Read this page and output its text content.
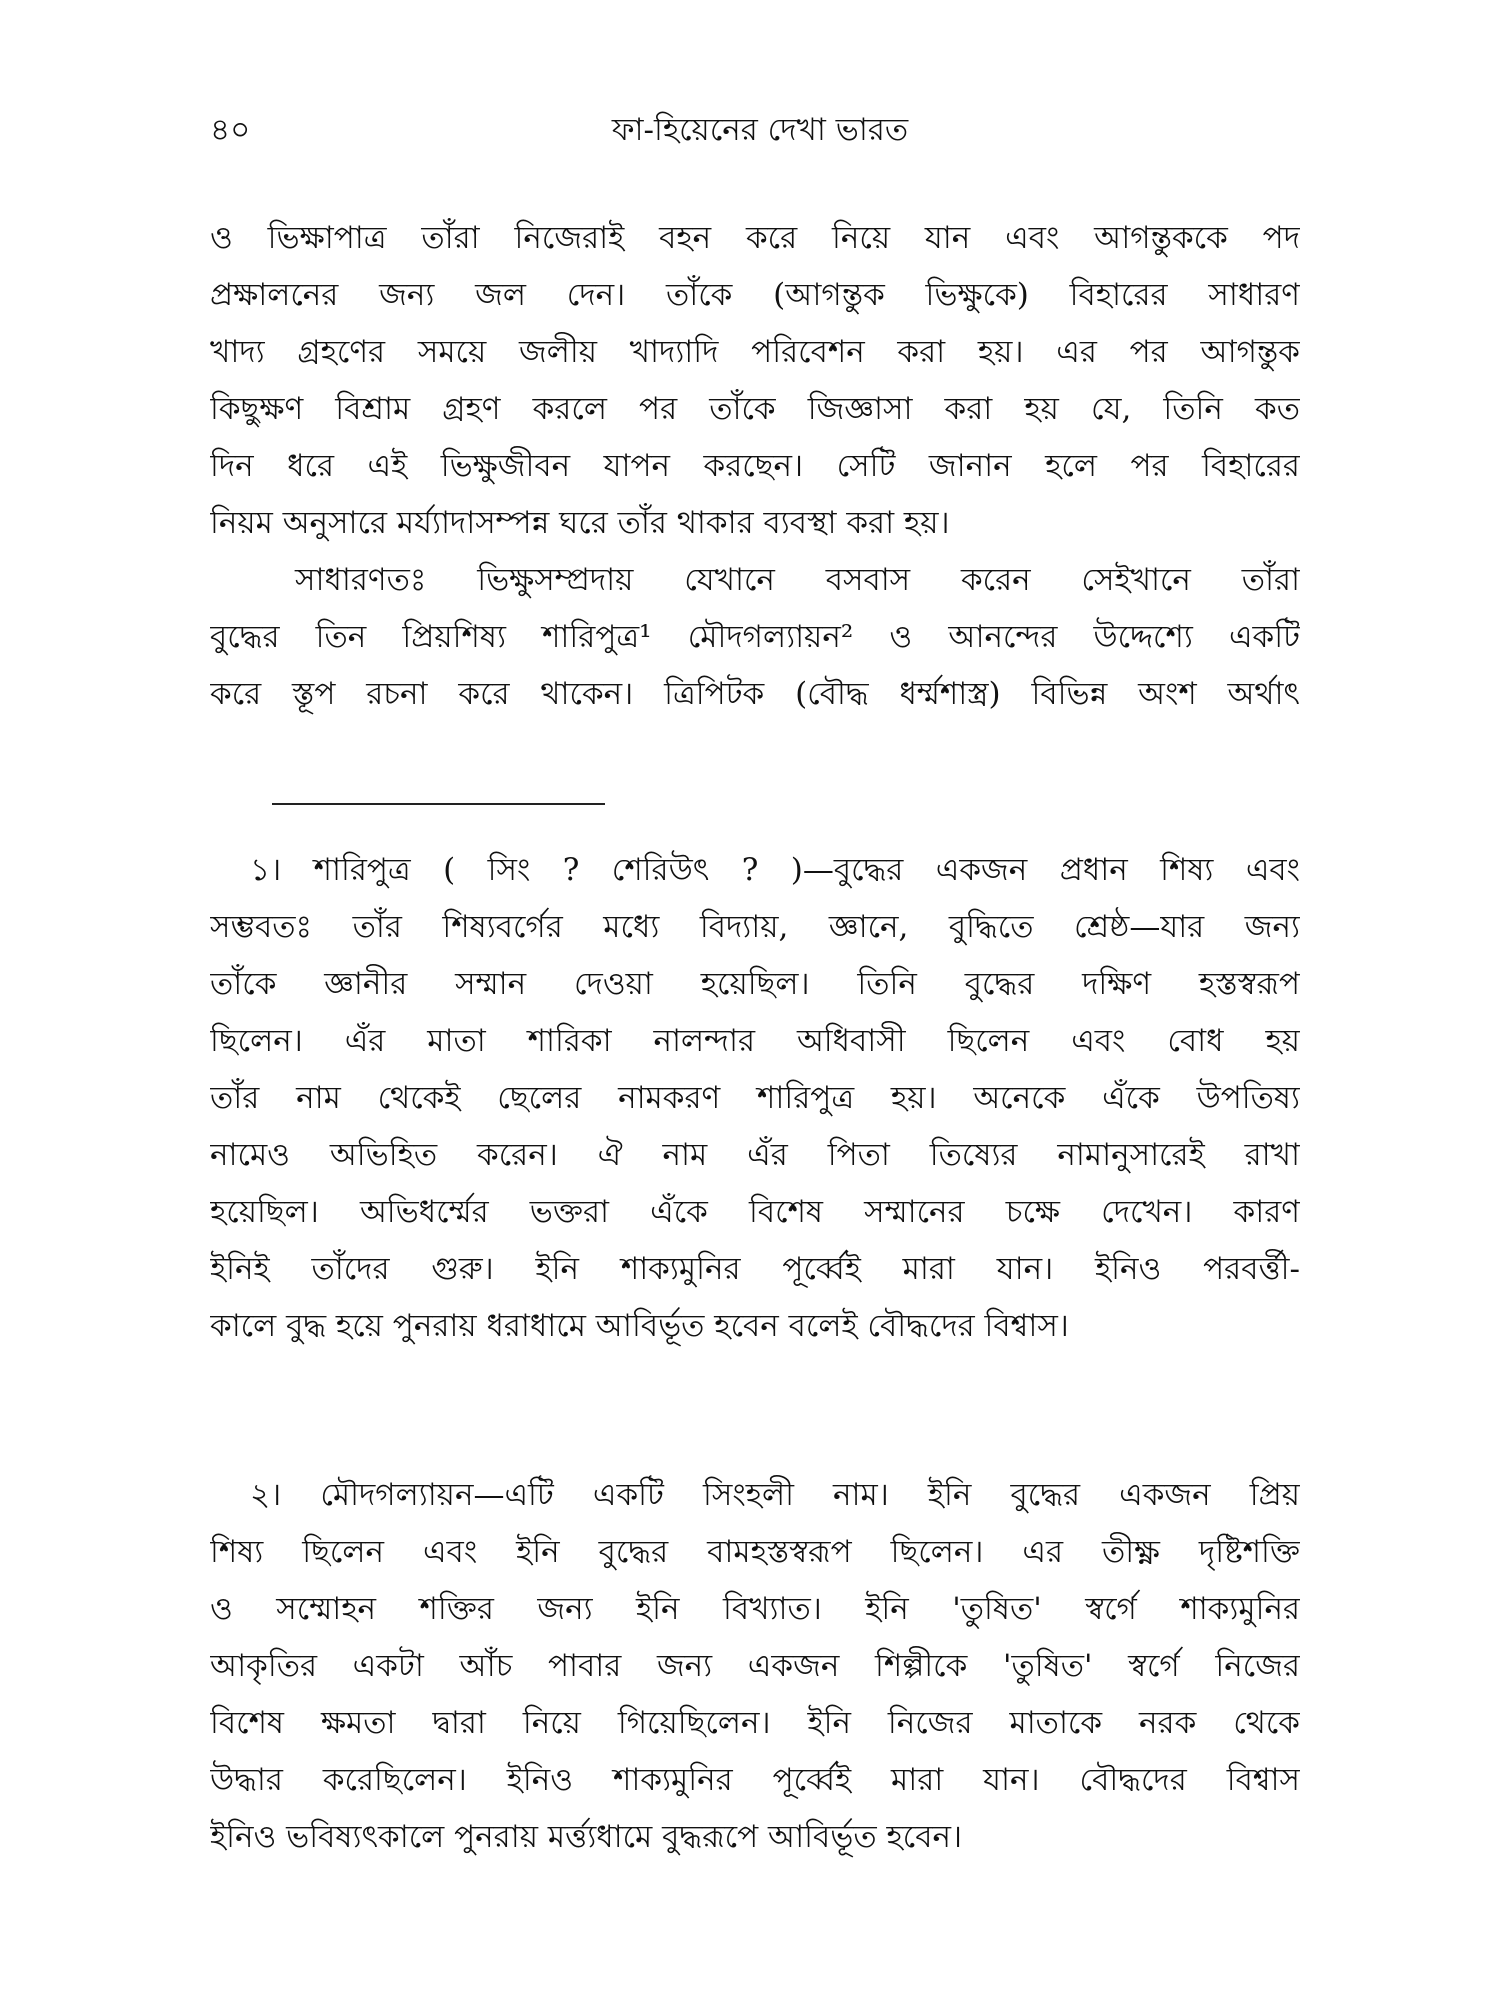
৪০	ফা-হিয়েনের দেখা ভারত

ও ভিক্ষাপাত্র তাঁরা নিজেরাই বহন করে নিয়ে যান এবং আগন্তুককে পদ
প্রক্ষালনের জন্য জল দেন। তাঁকে (আগন্তুক ভিক্ষুকে) বিহারের সাধারণ
খাদ্য গ্রহণের সময়ে জলীয় খাদ্যাদি পরিবেশন করা হয়। এর পর আগন্তুক
কিছুক্ষণ বিশ্রাম গ্রহণ করলে পর তাঁকে জিজ্ঞাসা করা হয় যে, তিনি কত
দিন ধরে এই ভিক্ষুজীবন যাপন করছেন। সেটি জানান হলে পর বিহারের
নিয়ম অনুসারে মর্য্যাদাসম্পন্ন ঘরে তাঁর থাকার ব্যবস্থা করা হয়।

সাধারণতঃ ভিক্ষুসম্প্রদায় যেখানে বসবাস করেন সেইখানে তাঁরা
বুদ্ধের তিন প্রিয়শিষ্য শারিপুত্র¹ মৌদগল্যায়ন² ও আনন্দের উদ্দেশ্যে একটি
করে স্তূপ রচনা করে থাকেন। ত্রিপিটক (বৌদ্ধ ধর্ম্মশাস্ত্র) বিভিন্ন অংশ অর্থাৎ

১। শারিপুত্র ( সিং ? শেরিউৎ ? )—বুদ্ধের একজন প্রধান শিষ্য এবং
সম্ভবতঃ তাঁর শিষ্যবর্গের মধ্যে বিদ্যায়, জ্ঞানে, বুদ্ধিতে শ্রেষ্ঠ—যার জন্য
তাঁকে জ্ঞানীর সম্মান দেওয়া হয়েছিল। তিনি বুদ্ধের দক্ষিণ হস্তস্বরূপ
ছিলেন। এঁর মাতা শারিকা নালন্দার অধিবাসী ছিলেন এবং বোধ হয়
তাঁর নাম থেকেই ছেলের নামকরণ শারিপুত্র হয়। অনেকে এঁকে উপতিষ্য
নামেও অভিহিত করেন। ঐ নাম এঁর পিতা তিষ্যের নামানুসারেই রাখা
হয়েছিল। অভিধর্ম্মের ভক্তরা এঁকে বিশেষ সম্মানের চক্ষে দেখেন। কারণ
ইনিই তাঁদের গুরু। ইনি শাক্যমুনির পূর্ব্বেই মারা যান। ইনিও পরবর্ত্তী-
কালে বুদ্ধ হয়ে পুনরায় ধরাধামে আবির্ভূত হবেন বলেই বৌদ্ধদের বিশ্বাস।

২। মৌদগল্যায়ন—এটি একটি সিংহলী নাম। ইনি বুদ্ধের একজন প্রিয়
শিষ্য ছিলেন এবং ইনি বুদ্ধের বামহস্তস্বরূপ ছিলেন। এর তীক্ষ্ণ দৃষ্টিশক্তি
ও সম্মোহন শক্তির জন্য ইনি বিখ্যাত। ইনি 'তুষিত' স্বর্গে শাক্যমুনির
আকৃতির একটা আঁচ পাবার জন্য একজন শিল্পীকে 'তুষিত' স্বর্গে নিজের
বিশেষ ক্ষমতা দ্বারা নিয়ে গিয়েছিলেন। ইনি নিজের মাতাকে নরক থেকে
উদ্ধার করেছিলেন। ইনিও শাক্যমুনির পূর্ব্বেই মারা যান। বৌদ্ধদের বিশ্বাস
ইনিও ভবিষ্যৎকালে পুনরায় মর্ত্ত্যধামে বুদ্ধরূপে আবির্ভূত হবেন।
